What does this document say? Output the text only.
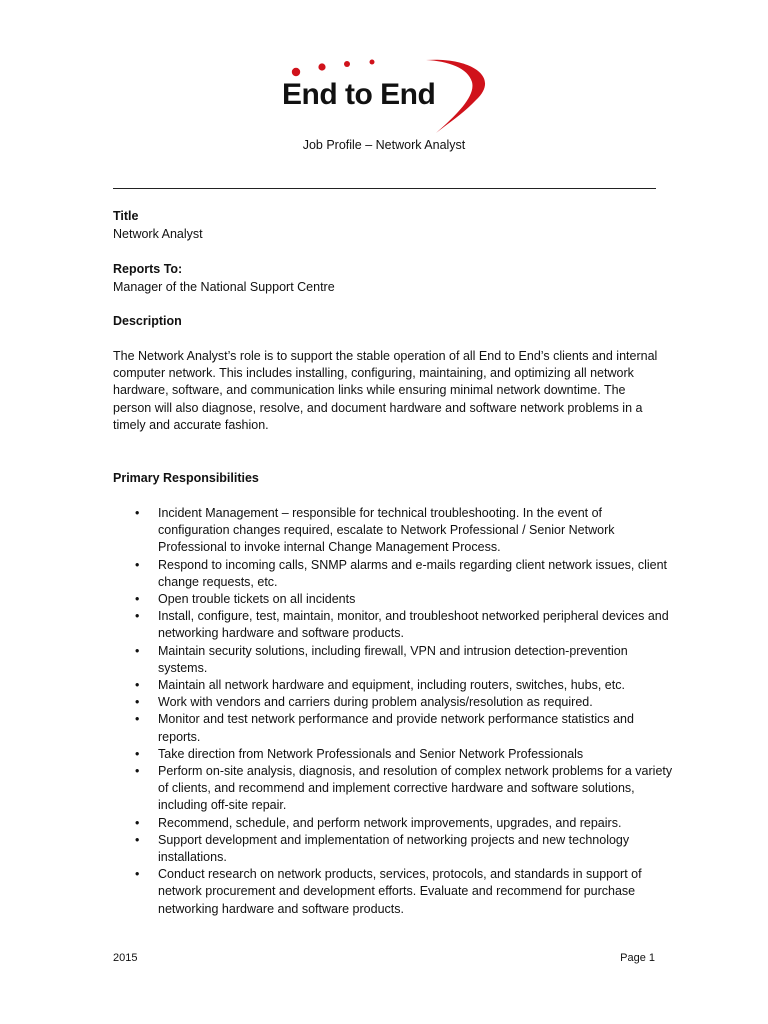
End to End
Job Profile – Network Analyst
Title
Network Analyst
Reports To:
Manager of the National Support Centre
Description

The Network Analyst’s role is to support the stable operation of all End to End’s clients and internal computer network. This includes installing, configuring, maintaining, and optimizing all network hardware, software, and communication links while ensuring minimal network downtime. The person will also diagnose, resolve, and document hardware and software network problems in a timely and accurate fashion.

Primary Responsibilities
• Incident Management – responsible for technical troubleshooting. In the event of configuration changes required, escalate to Network Professional / Senior Network Professional to invoke internal Change Management Process.
• Respond to incoming calls, SNMP alarms and e-mails regarding client network issues, client change requests, etc.
• Open trouble tickets on all incidents
• Install, configure, test, maintain, monitor, and troubleshoot networked peripheral devices and networking hardware and software products.
• Maintain security solutions, including firewall, VPN and intrusion detection-prevention systems.
• Maintain all network hardware and equipment, including routers, switches, hubs, etc.
• Work with vendors and carriers during problem analysis/resolution as required.
• Monitor and test network performance and provide network performance statistics and reports.
• Take direction from Network Professionals and Senior Network Professionals
• Perform on-site analysis, diagnosis, and resolution of complex network problems for a variety of clients, and recommend and implement corrective hardware and software solutions, including off-site repair.
• Recommend, schedule, and perform network improvements, upgrades, and repairs.
• Support development and implementation of networking projects and new technology installations.
• Conduct research on network products, services, protocols, and standards in support of network procurement and development efforts. Evaluate and recommend for purchase networking hardware and software products.
2015	Page 1
